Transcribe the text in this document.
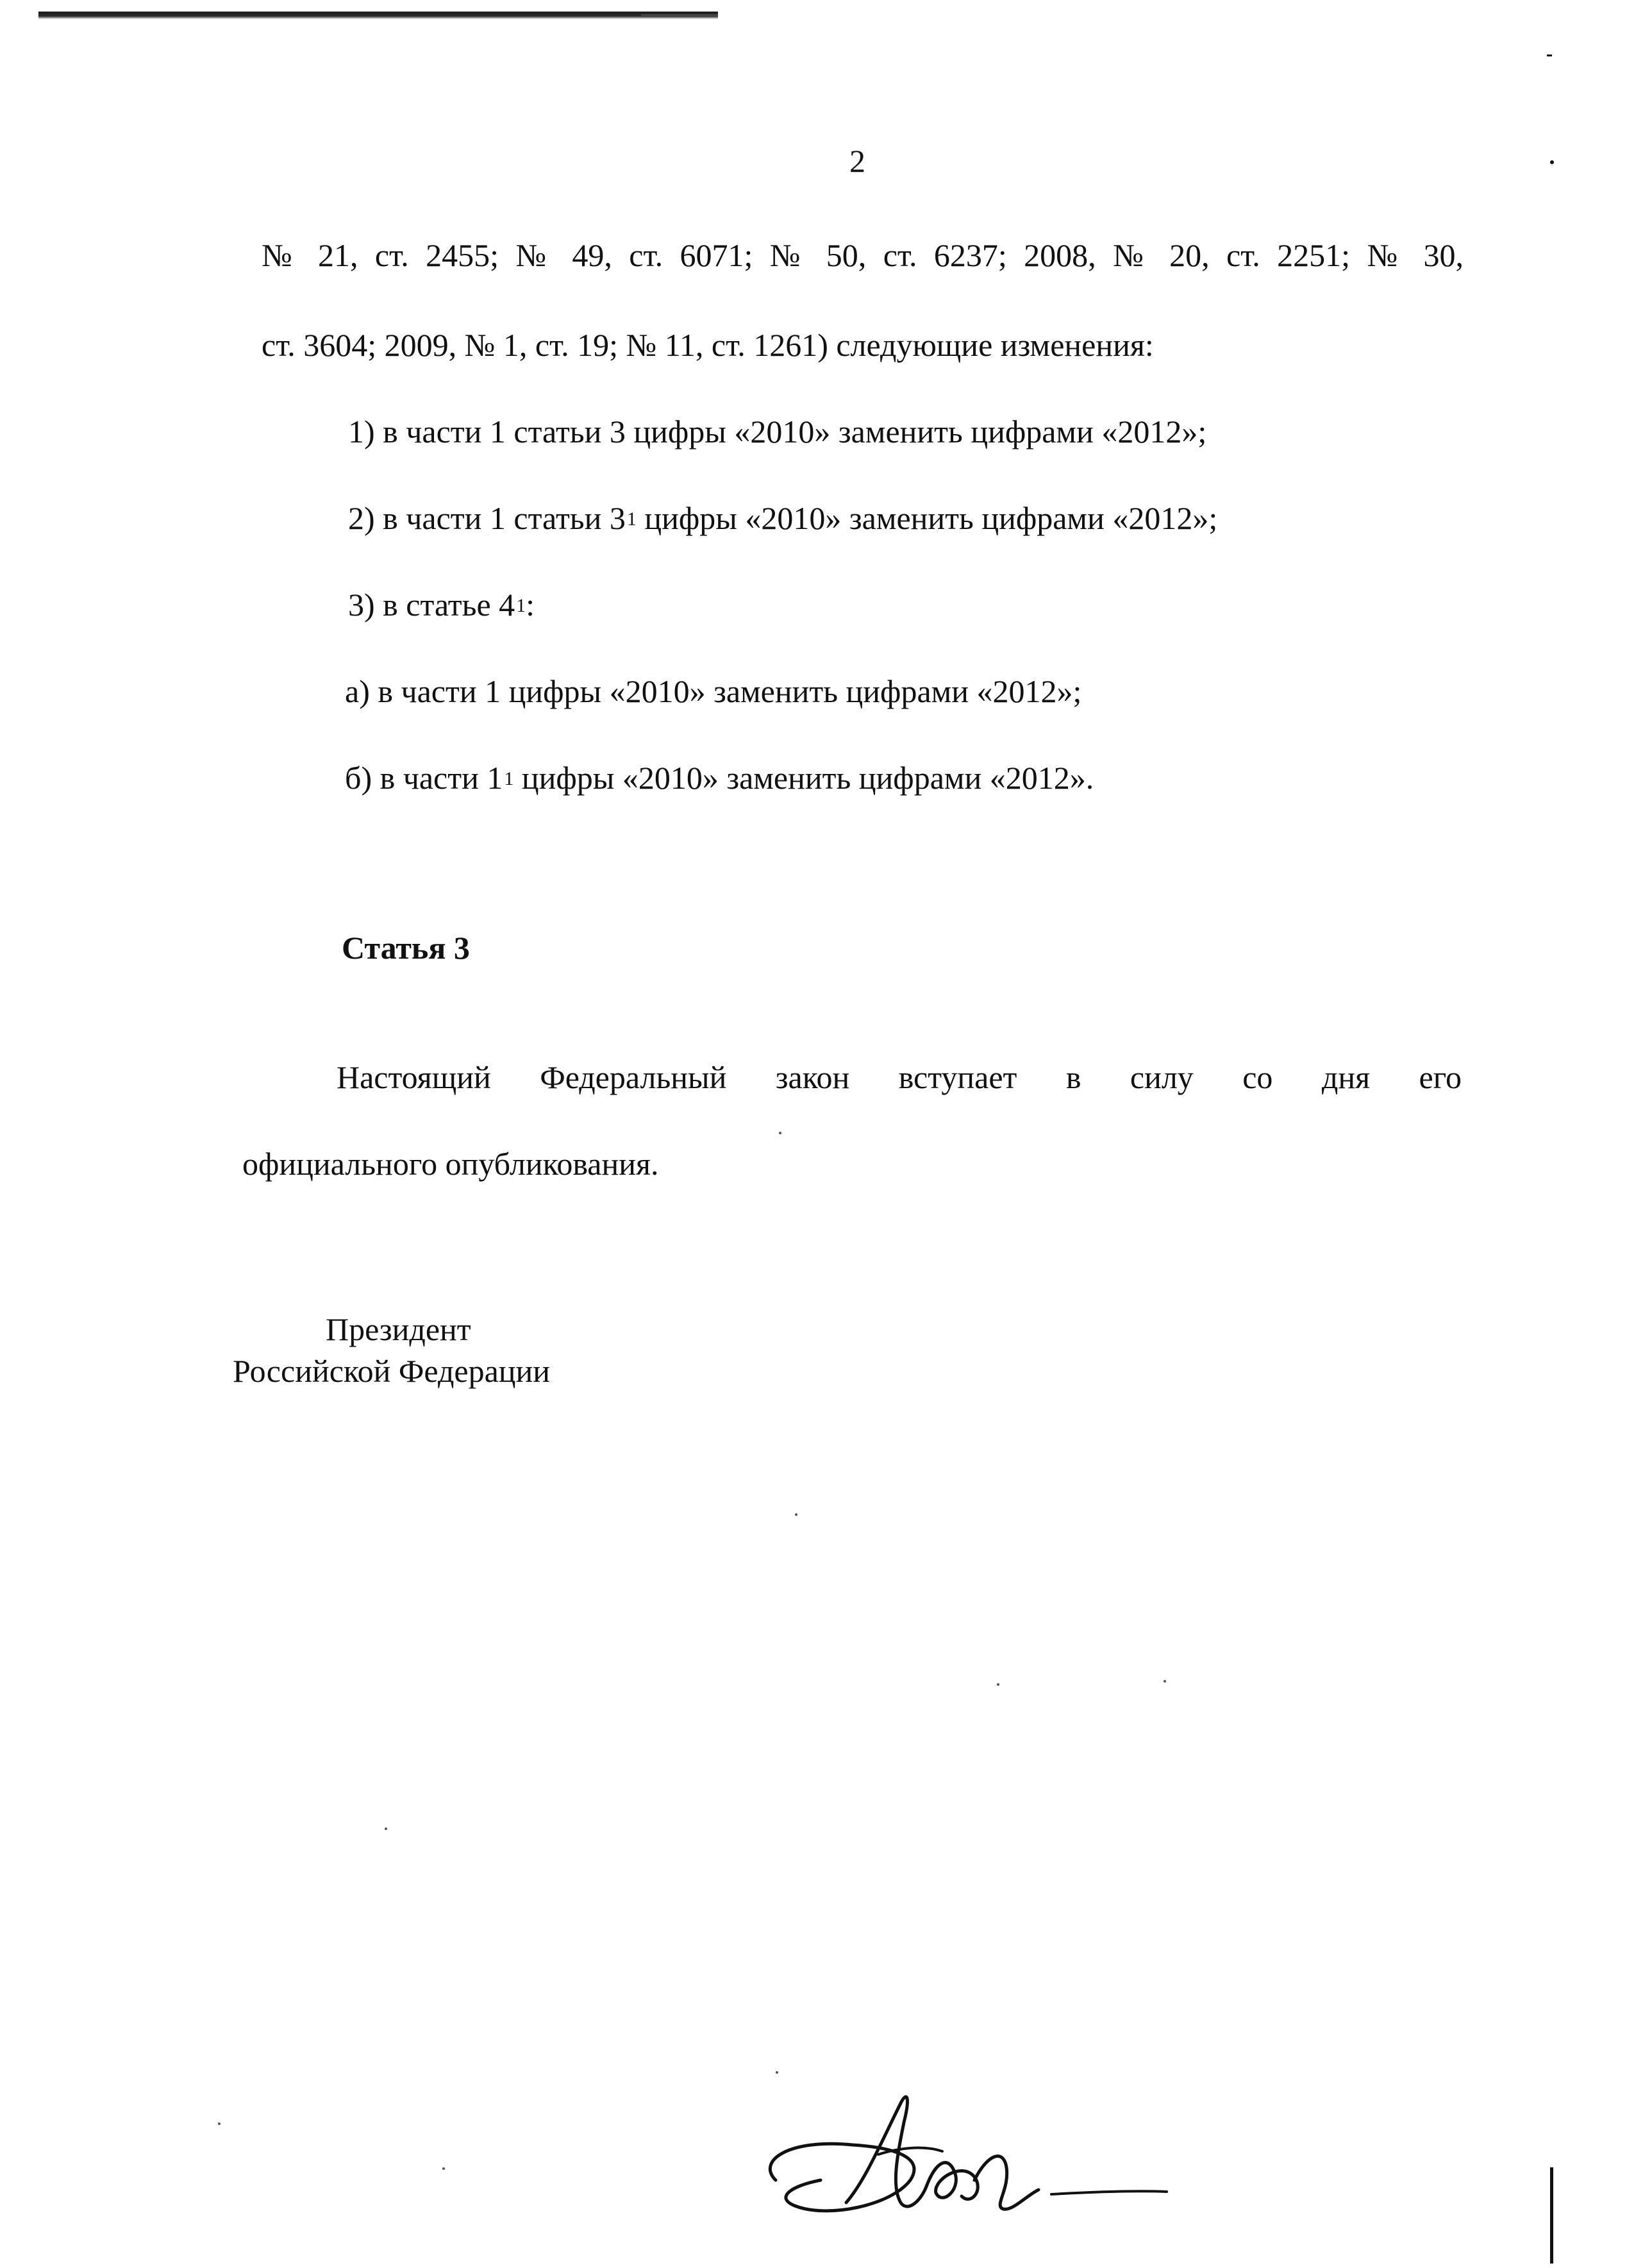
2
№ 21, ст. 2455; № 49, ст. 6071; № 50, ст. 6237; 2008, № 20, ст. 2251; № 30,
ст. 3604; 2009, № 1, ст. 19; № 11, ст. 1261) следующие изменения:
1) в части 1 статьи 3 цифры «2010» заменить цифрами «2012»;
2) в части 1 статьи $3^1$ цифры «2010» заменить цифрами «2012»;
3) в статье $4^1$:
а) в части 1 цифры «2010» заменить цифрами «2012»;
б) в части $1^1$ цифры «2010» заменить цифрами «2012».
Статья 3
Настоящий Федеральный закон вступает в силу со дня его
официального опубликования.
Президент
Российской Федерации
